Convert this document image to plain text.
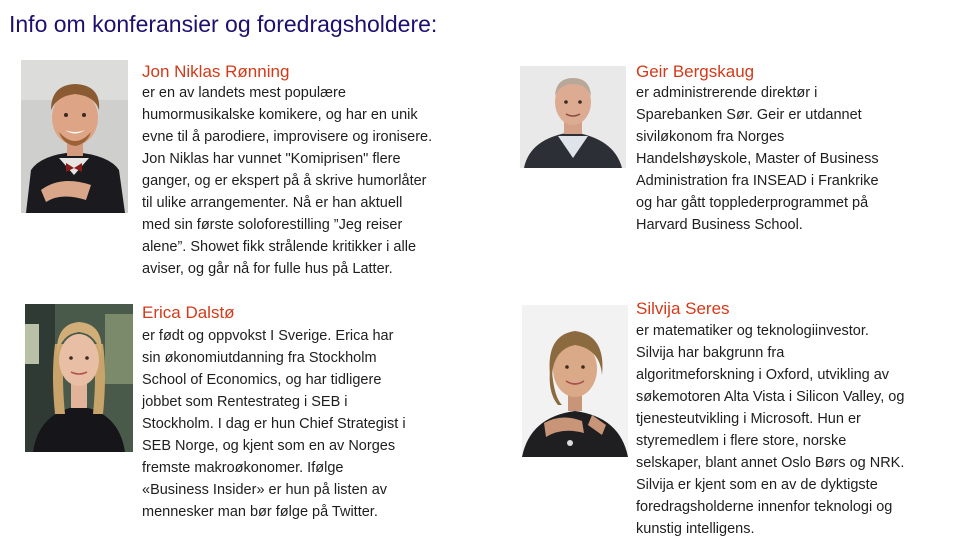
Info om konferansier og foredragsholdere:
Jon Niklas Rønning
er en av landets mest populære
humormusikalske komikere, og har en unik
evne til å parodiere, improvisere og ironisere.
Jon Niklas har vunnet "Komiprisen" flere
ganger, og er ekspert på å skrive humorlåter
til ulike arrangementer. Nå er han aktuell
med sin første soloforestilling ”Jeg reiser
alene”. Showet fikk strålende kritikker i alle
aviser, og går nå for fulle hus på Latter.
Geir Bergskaug
er administrerende direktør i
Sparebanken Sør. Geir er utdannet
siviløkonom fra Norges
Handelshøyskole, Master of Business
Administration fra INSEAD i Frankrike
og har gått topplederprogrammet på
Harvard Business School.
Erica Dalstø
er født og oppvokst I Sverige. Erica har
sin økonomiutdanning fra Stockholm
School of Economics, og har tidligere
jobbet som Rentestrateg i SEB i
Stockholm. I dag er hun Chief Strategist i
SEB Norge, og kjent som en av Norges
fremste makroøkonomer. Ifølge
«Business Insider» er hun på listen av
mennesker man bør følge på Twitter.
Silvija Seres
er matematiker og teknologiinvestor.
Silvija har bakgrunn fra
algoritmeforskning i Oxford, utvikling av
søkemotoren Alta Vista i Silicon Valley, og
tjenesteutvikling i Microsoft. Hun er
styremedlem i flere store, norske
selskaper, blant annet Oslo Børs og NRK.
Silvija er kjent som en av de dyktigste
foredragsholderne innenfor teknologi og
kunstig intelligens.
